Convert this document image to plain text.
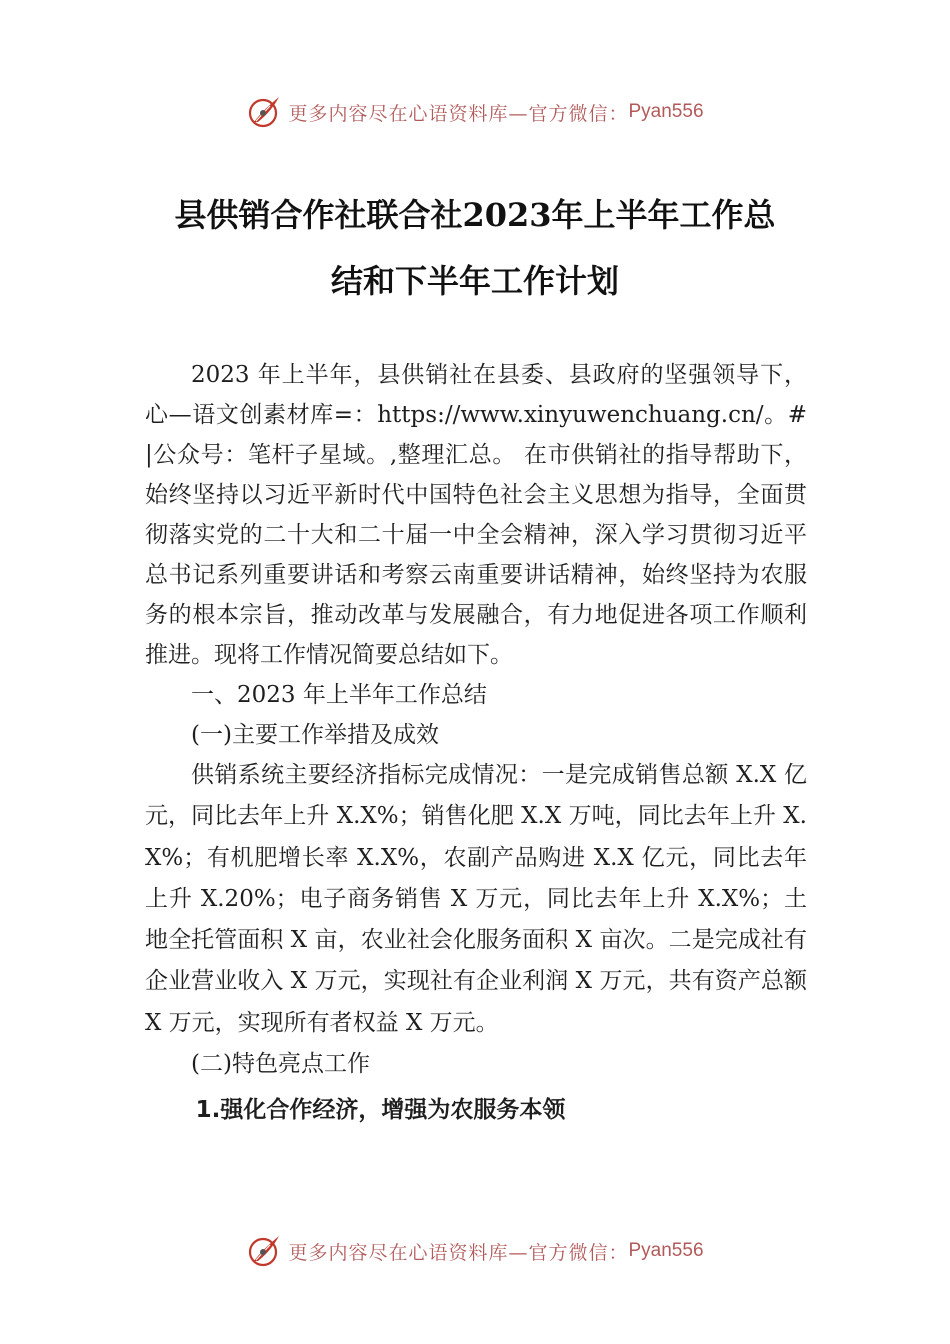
更多内容尽在心语资料库—官方微信： Pyan556
县供销合作社联合社2023年上半年工作总
结和下半年工作计划

2023 年上半年，县供销社在县委、县政府的坚强领导下，心—语文创素材库=：https://www.xinyuwenchuang.cn/。#|公众号：笔杆子星域。,整理汇总。 在市供销社的指导帮助下，始终坚持以习近平新时代中国特色社会主义思想为指导，全面贯彻落实党的二十大和二十届一中全会精神，深入学习贯彻习近平总书记系列重要讲话和考察云南重要讲话精神，始终坚持为农服务的根本宗旨，推动改革与发展融合，有力地促进各项工作顺利推进。现将工作情况简要总结如下。

一、2023 年上半年工作总结

(一)主要工作举措及成效

供销系统主要经济指标完成情况：一是完成销售总额 X.X 亿元，同比去年上升 X.X%；销售化肥 X.X 万吨，同比去年上升 X.X%；有机肥增长率 X.X%，农副产品购进 X.X 亿元，同比去年上升 X.20%；电子商务销售 X 万元，同比去年上升 X.X%；土地全托管面积 X 亩，农业社会化服务面积 X 亩次。二是完成社有企业营业收入 X 万元，实现社有企业利润 X 万元，共有资产总额 X 万元，实现所有者权益 X 万元。

(二)特色亮点工作

1.强化合作经济，增强为农服务本领

更多内容尽在心语资料库—官方微信： Pyan556
